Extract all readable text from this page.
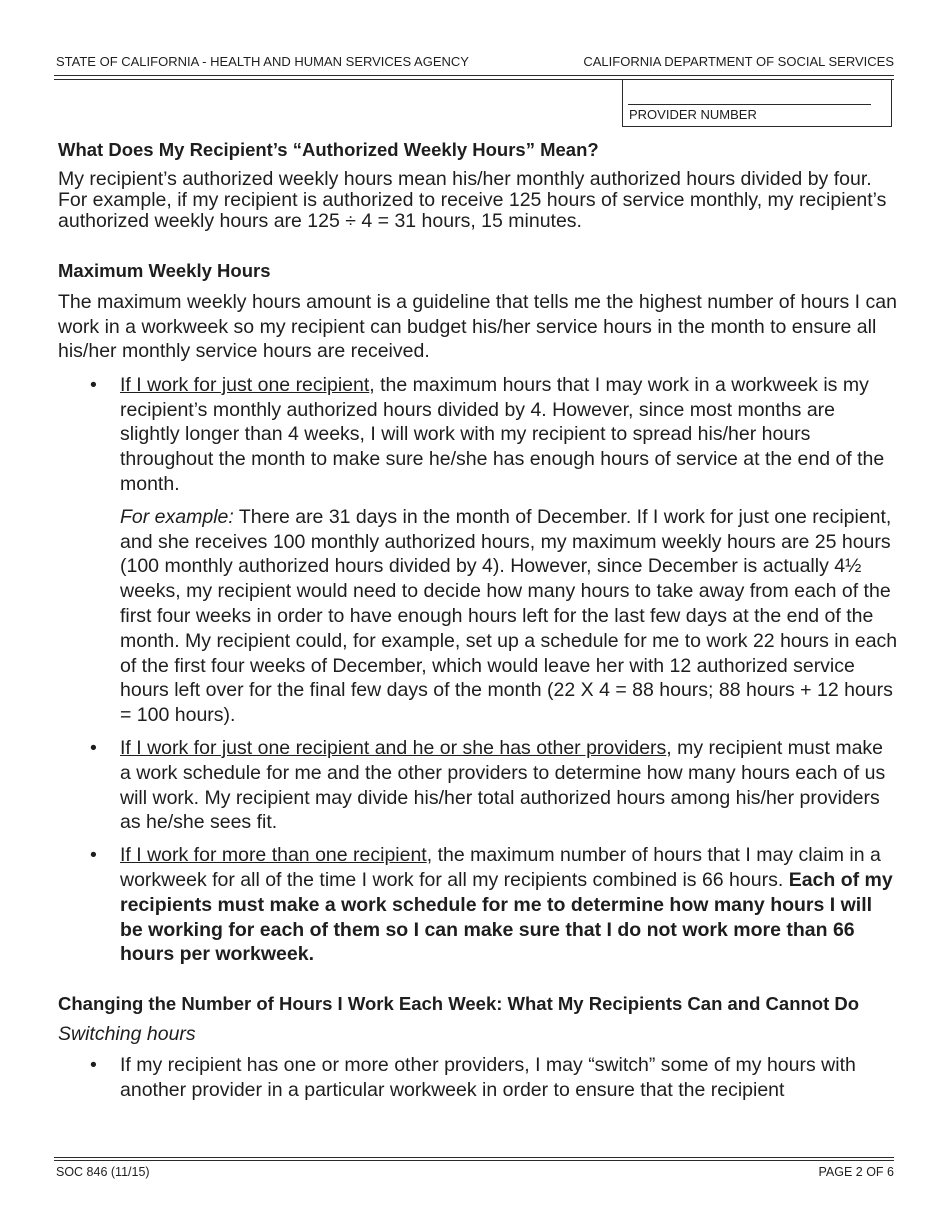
STATE OF CALIFORNIA - HEALTH AND HUMAN SERVICES AGENCY	CALIFORNIA DEPARTMENT OF SOCIAL SERVICES
PROVIDER NUMBER
What Does My Recipient’s “Authorized Weekly Hours” Mean?

My recipient’s authorized weekly hours mean his/her monthly authorized hours divided by four. For example, if my recipient is authorized to receive 125 hours of service monthly, my recipient’s authorized weekly hours are 125 ÷ 4 = 31 hours, 15 minutes.

Maximum Weekly Hours

The maximum weekly hours amount is a guideline that tells me the highest number of hours I can work in a workweek so my recipient can budget his/her service hours in the month to ensure all his/her monthly service hours are received.

• If I work for just one recipient, the maximum hours that I may work in a workweek is my recipient’s monthly authorized hours divided by 4. However, since most months are slightly longer than 4 weeks, I will work with my recipient to spread his/her hours throughout the month to make sure he/she has enough hours of service at the end of the month.
For example: There are 31 days in the month of December. If I work for just one recipient, and she receives 100 monthly authorized hours, my maximum weekly hours are 25 hours (100 monthly authorized hours divided by 4). However, since December is actually 4½ weeks, my recipient would need to decide how many hours to take away from each of the first four weeks in order to have enough hours left for the last few days at the end of the month. My recipient could, for example, set up a schedule for me to work 22 hours in each of the first four weeks of December, which would leave her with 12 authorized service hours left over for the final few days of the month (22 X 4 = 88 hours; 88 hours + 12 hours = 100 hours).
• If I work for just one recipient and he or she has other providers, my recipient must make a work schedule for me and the other providers to determine how many hours each of us will work. My recipient may divide his/her total authorized hours among his/her providers as he/she sees fit.
• If I work for more than one recipient, the maximum number of hours that I may claim in a workweek for all of the time I work for all my recipients combined is 66 hours. Each of my recipients must make a work schedule for me to determine how many hours I will be working for each of them so I can make sure that I do not work more than 66 hours per workweek.
Changing the Number of Hours I Work Each Week: What My Recipients Can and Cannot Do
Switching hours
• If my recipient has one or more other providers, I may “switch” some of my hours with another provider in a particular workweek in order to ensure that the recipient
SOC 846 (11/15)	PAGE 2 OF 6
